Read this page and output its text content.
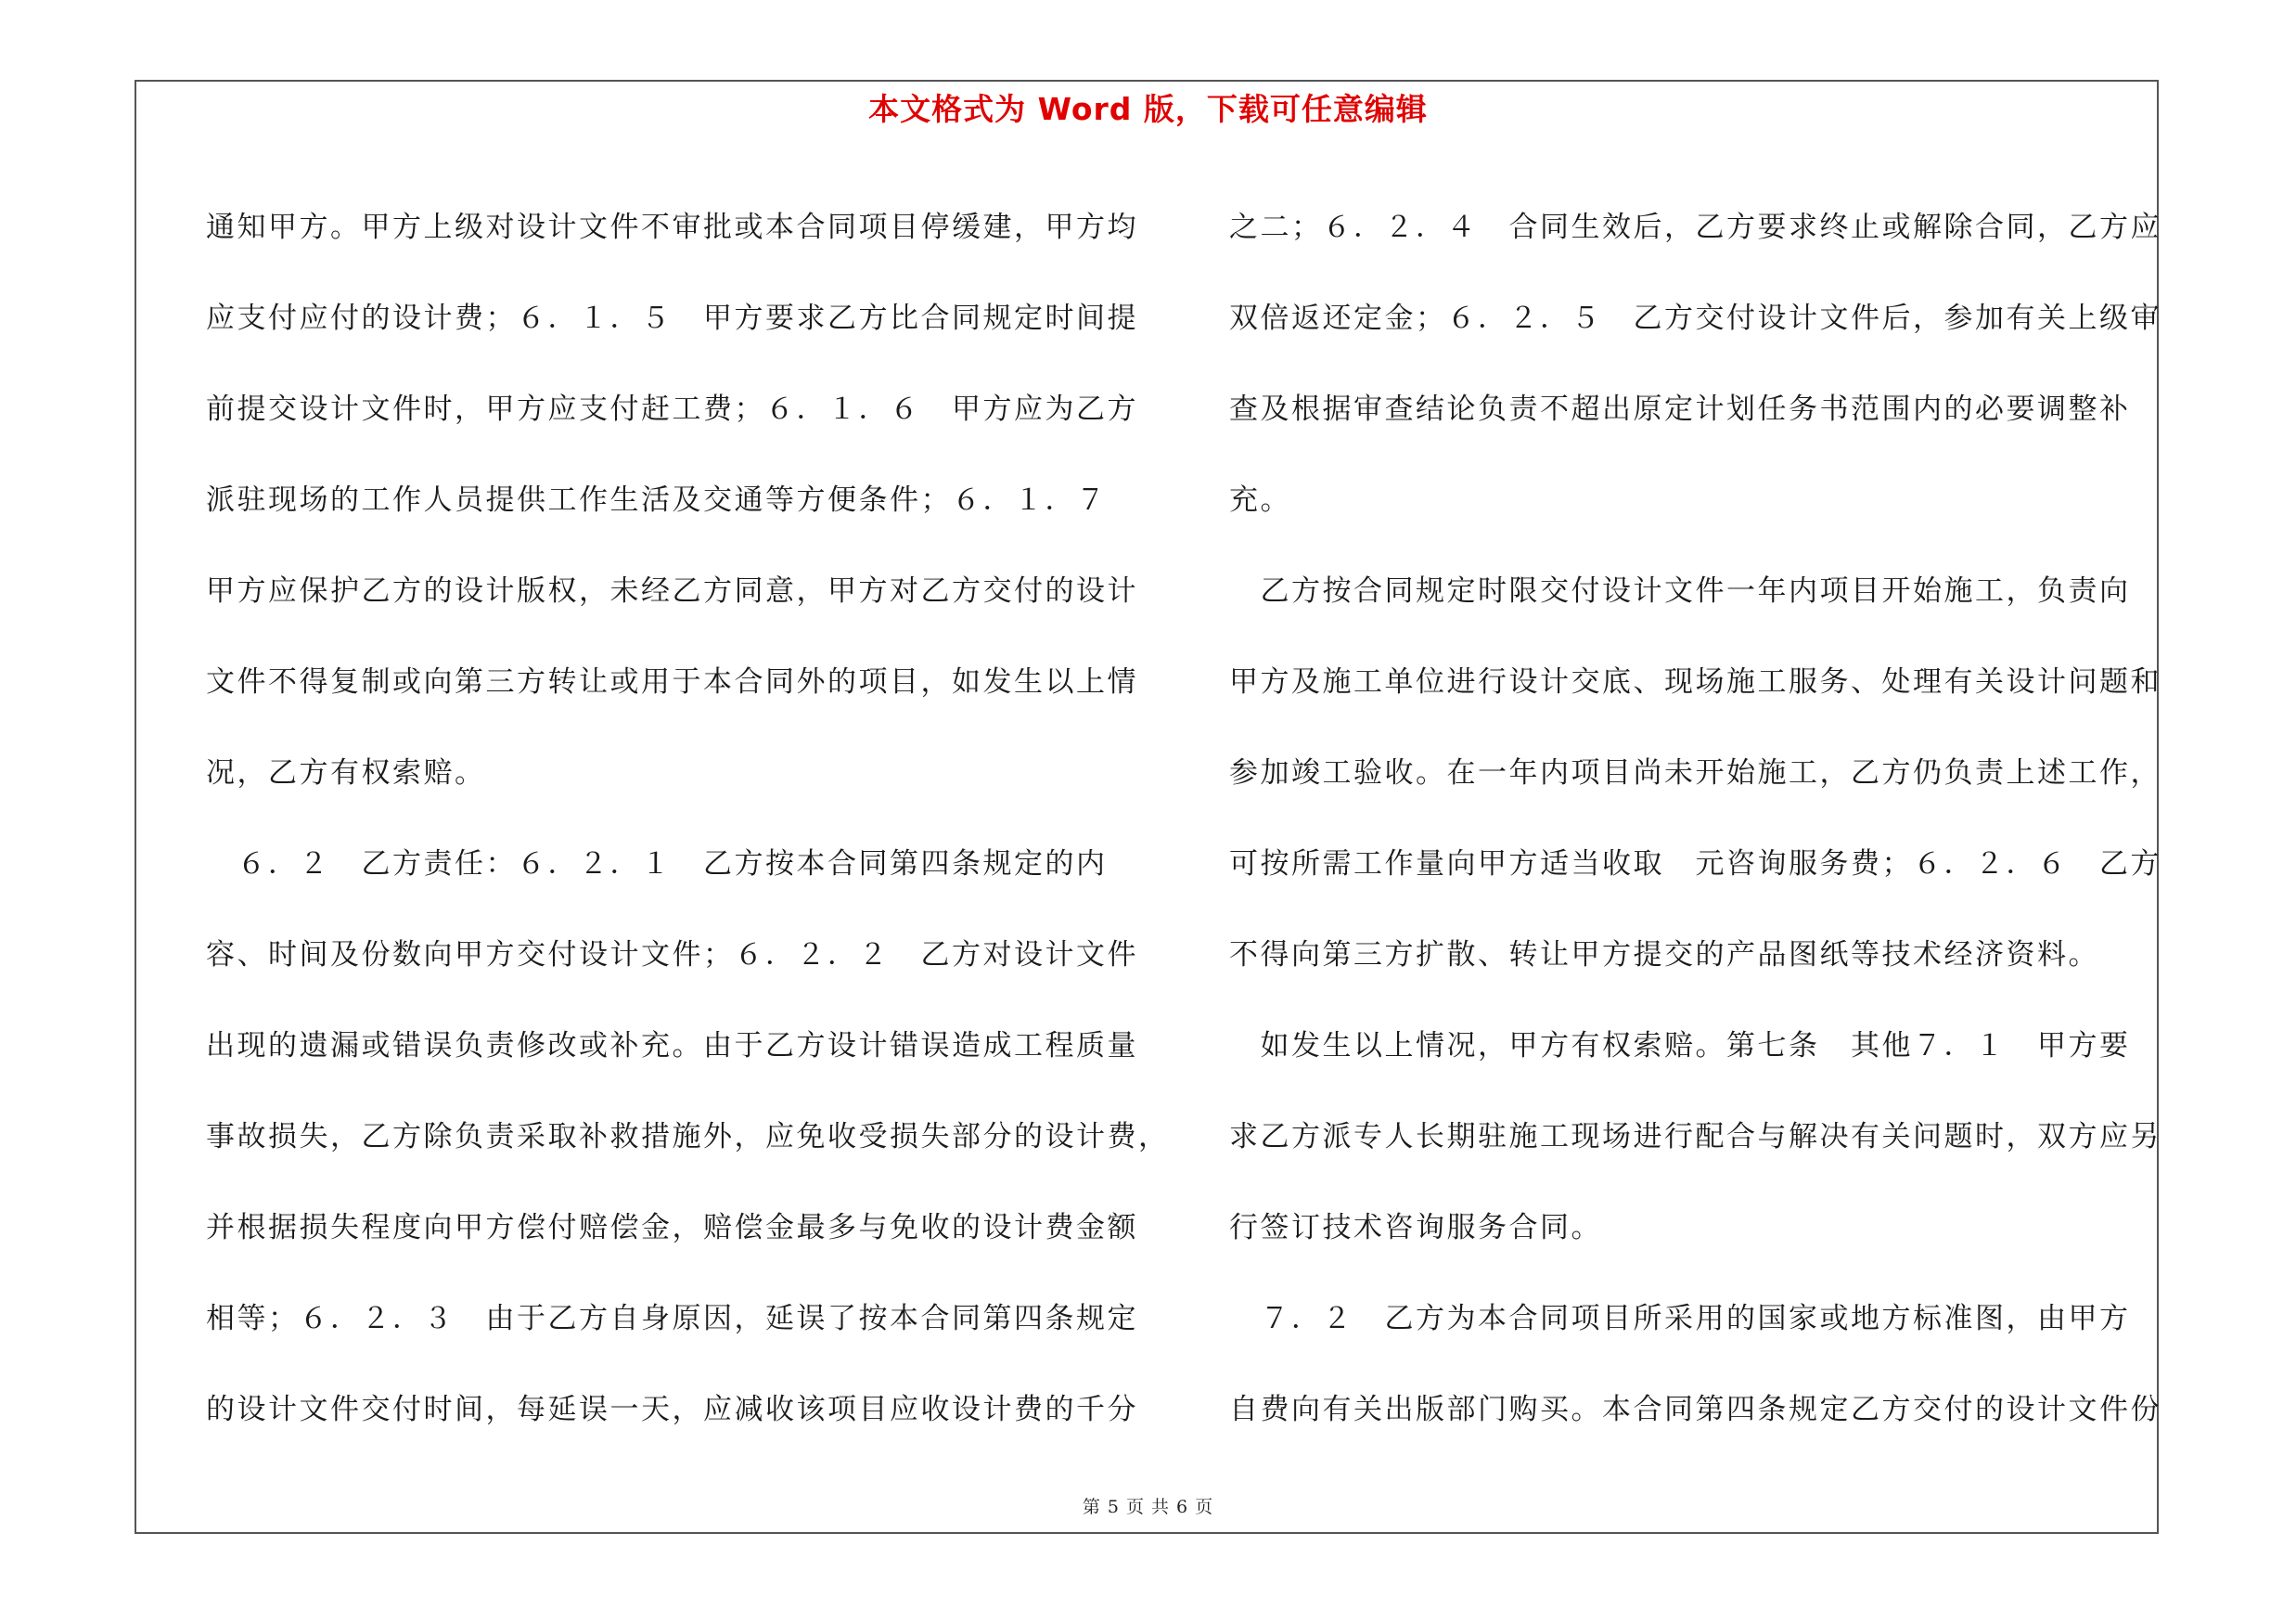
本文格式为 Word 版，下载可任意编辑
通知甲方。甲方上级对设计文件不审批或本合同项目停缓建，甲方均
应支付应付的设计费；６．１．５　甲方要求乙方比合同规定时间提
前提交设计文件时，甲方应支付赶工费；６．１．６　甲方应为乙方
派驻现场的工作人员提供工作生活及交通等方便条件；６．１．７
甲方应保护乙方的设计版权，未经乙方同意，甲方对乙方交付的设计
文件不得复制或向第三方转让或用于本合同外的项目，如发生以上情
况，乙方有权索赔。
　６．２　乙方责任：６．２．１　乙方按本合同第四条规定的内
容、时间及份数向甲方交付设计文件；６．２．２　乙方对设计文件
出现的遗漏或错误负责修改或补充。由于乙方设计错误造成工程质量
事故损失，乙方除负责采取补救措施外，应免收受损失部分的设计费，
并根据损失程度向甲方偿付赔偿金，赔偿金最多与免收的设计费金额
相等；６．２．３　由于乙方自身原因，延误了按本合同第四条规定
的设计文件交付时间，每延误一天，应减收该项目应收设计费的千分
之二；６．２．４　合同生效后，乙方要求终止或解除合同，乙方应
双倍返还定金；６．２．５　乙方交付设计文件后，参加有关上级审
查及根据审查结论负责不超出原定计划任务书范围内的必要调整补
充。
　乙方按合同规定时限交付设计文件一年内项目开始施工，负责向
甲方及施工单位进行设计交底、现场施工服务、处理有关设计问题和
参加竣工验收。在一年内项目尚未开始施工，乙方仍负责上述工作，
可按所需工作量向甲方适当收取　元咨询服务费；６．２．６　乙方
不得向第三方扩散、转让甲方提交的产品图纸等技术经济资料。
　如发生以上情况，甲方有权索赔。第七条　其他７．１　甲方要
求乙方派专人长期驻施工现场进行配合与解决有关问题时，双方应另
行签订技术咨询服务合同。
　７．２　乙方为本合同项目所采用的国家或地方标准图，由甲方
自费向有关出版部门购买。本合同第四条规定乙方交付的设计文件份
第 5 页 共 6 页
